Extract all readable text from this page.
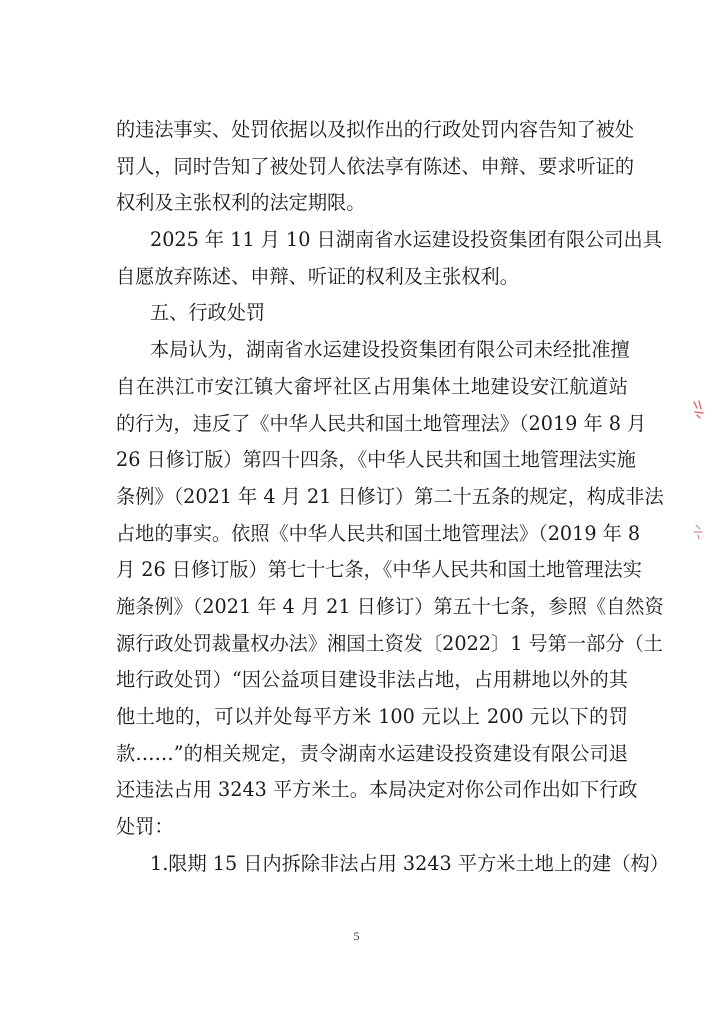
的违法事实、处罚依据以及拟作出的行政处罚内容告知了被处
罚人，同时告知了被处罚人依法享有陈述、申辩、要求听证的
权利及主张权利的法定期限。
2025 年 11 月 10 日湖南省水运建设投资集团有限公司出具
自愿放弃陈述、申辩、听证的权利及主张权利。
五、行政处罚
本局认为，湖南省水运建设投资集团有限公司未经批准擅
自在洪江市安江镇大畲坪社区占用集体土地建设安江航道站
的行为，违反了《中华人民共和国土地管理法》（2019 年 8 月
26 日修订版）第四十四条，《中华人民共和国土地管理法实施
条例》（2021 年 4 月 21 日修订）第二十五条的规定，构成非法
占地的事实。依照《中华人民共和国土地管理法》（2019 年 8
月 26 日修订版）第七十七条，《中华人民共和国土地管理法实
施条例》（2021 年 4 月 21 日修订）第五十七条，参照《自然资
源行政处罚裁量权办法》湘国土资发〔2022〕1 号第一部分（土
地行政处罚）“因公益项目建设非法占地，占用耕地以外的其
他土地的，可以并处每平方米 100 元以上 200 元以下的罚
款……”的相关规定，责令湖南水运建设投资建设有限公司退
还违法占用 3243 平方米土。本局决定对你公司作出如下行政
处罚：
1.限期 15 日内拆除非法占用 3243 平方米土地上的建（构）
5
